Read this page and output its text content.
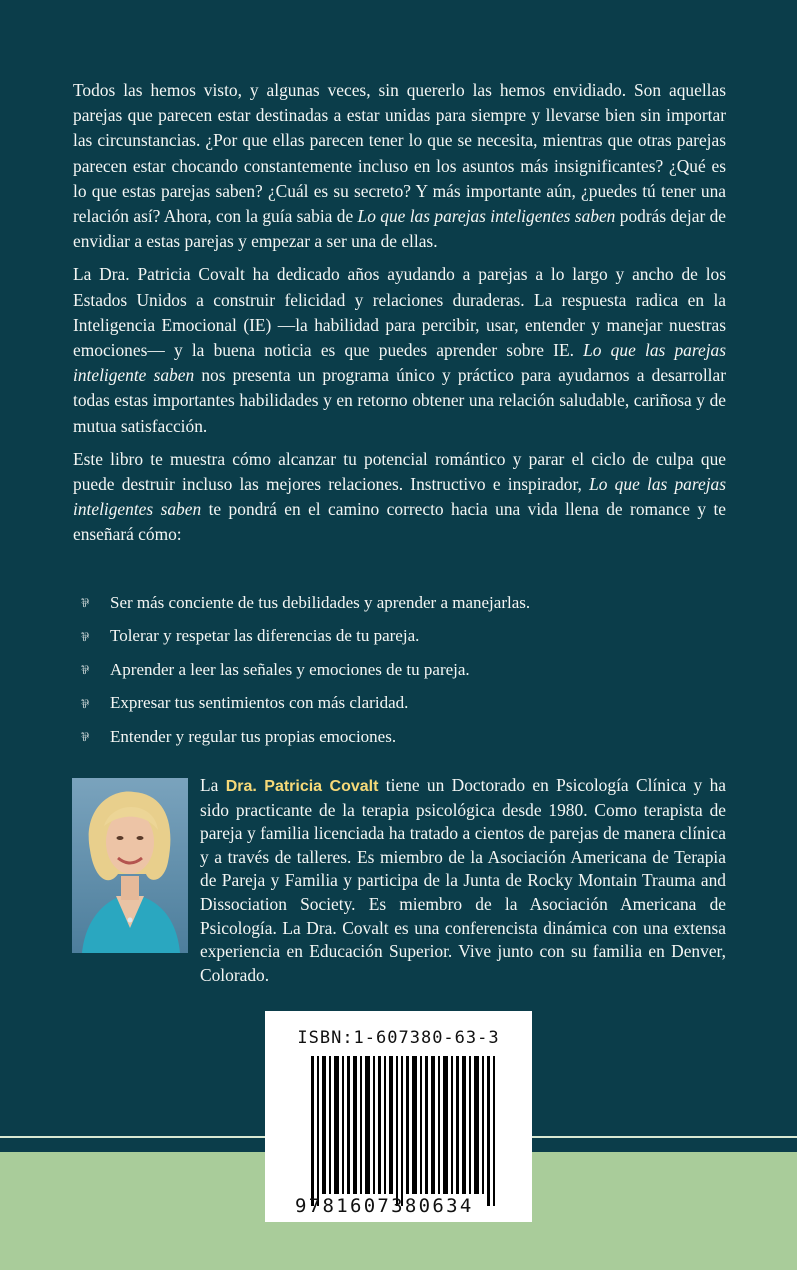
Todos las hemos visto, y algunas veces, sin quererlo las hemos envidiado. Son aquellas parejas que parecen estar destinadas a estar unidas para siempre y llevarse bien sin importar las circunstancias. ¿Por que ellas parecen tener lo que se necesita, mientras que otras parejas parecen estar chocando constantemente incluso en los asuntos más insignificantes? ¿Qué es lo que estas parejas saben? ¿Cuál es su secreto? Y más importante aún, ¿puedes tú tener una relación así? Ahora, con la guía sabia de Lo que las parejas inteligentes saben podrás dejar de envidiar a estas parejas y empezar a ser una de ellas.

La Dra. Patricia Covalt ha dedicado años ayudando a parejas a lo largo y ancho de los Estados Unidos a construir felicidad y relaciones duraderas. La respuesta radica en la Inteligencia Emocional (IE) —la habilidad para percibir, usar, entender y manejar nuestras emociones— y la buena noticia es que puedes aprender sobre IE. Lo que las parejas inteligente saben nos presenta un programa único y práctico para ayudarnos a desarrollar todas estas importantes habilidades y en retorno obtener una relación saludable, cariñosa y de mutua satisfacción.

Este libro te muestra cómo alcanzar tu potencial romántico y parar el ciclo de culpa que puede destruir incluso las mejores relaciones. Instructivo e inspirador, Lo que las parejas inteligentes saben te pondrá en el camino correcto hacia una vida llena de romance y te enseñará cómo:

⅌	Ser más conciente de tus debilidades y aprender a manejarlas.
⅌	Tolerar y respetar las diferencias de tu pareja.
⅌	Aprender a leer las señales y emociones de tu pareja.
⅌	Expresar tus sentimientos con más claridad.
⅌	Entender y regular tus propias emociones.
La Dra. Patricia Covalt tiene un Doctorado en Psicología Clínica y ha sido practicante de la terapia psicológica desde 1980. Como terapista de pareja y familia licenciada ha tratado a cientos de parejas de manera clínica y a través de talleres. Es miembro de la Asociación Americana de Terapia de Pareja y Familia y participa de la Junta de Rocky Montain Trauma and Dissociation Society. Es miembro de la Asociación Americana de Psicología. La Dra. Covalt es una conferencista dinámica con una extensa experiencia en Educación Superior. Vive junto con su familia en Denver, Colorado.
ISBN:1-607380-63-3
9781607380634
